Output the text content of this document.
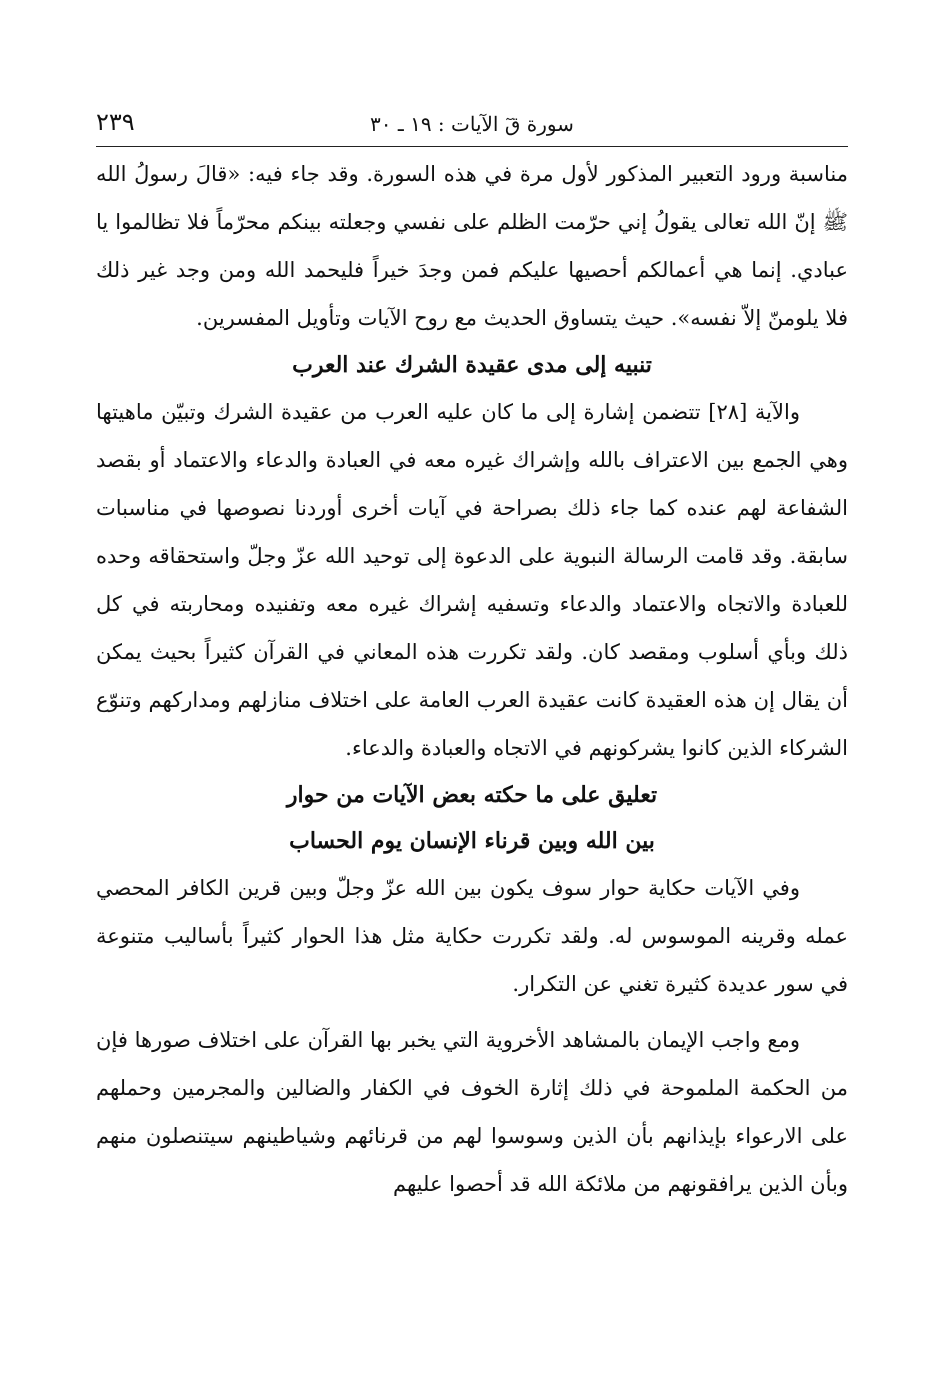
سورة قٓ الآيات : ١٩ ـ ٣٠
٢٣٩

مناسبة ورود التعبير المذكور لأول مرة في هذه السورة. وقد جاء فيه: «قالَ رسولُ الله ﷺ إنّ الله تعالى يقولُ إني حرّمت الظلم على نفسي وجعلته بينكم محرّماً فلا تظالموا يا عبادي. إنما هي أعمالكم أحصيها عليكم فمن وجدَ خيراً فليحمد الله ومن وجد غير ذلك فلا يلومنّ إلاّ نفسه». حيث يتساوق الحديث مع روح الآيات وتأويل المفسرين.

تنبيه إلى مدى عقيدة الشرك عند العرب

والآية [٢٨] تتضمن إشارة إلى ما كان عليه العرب من عقيدة الشرك وتبيّن ماهيتها وهي الجمع بين الاعتراف بالله وإشراك غيره معه في العبادة والدعاء والاعتماد أو بقصد الشفاعة لهم عنده كما جاء ذلك بصراحة في آيات أخرى أوردنا نصوصها في مناسبات سابقة. وقد قامت الرسالة النبوية على الدعوة إلى توحيد الله عزّ وجلّ واستحقاقه وحده للعبادة والاتجاه والاعتماد والدعاء وتسفيه إشراك غيره معه وتفنيده ومحاربته في كل ذلك وبأي أسلوب ومقصد كان. ولقد تكررت هذه المعاني في القرآن كثيراً بحيث يمكن أن يقال إن هذه العقيدة كانت عقيدة العرب العامة على اختلاف منازلهم ومداركهم وتنوّع الشركاء الذين كانوا يشركونهم في الاتجاه والعبادة والدعاء.

تعليق على ما حكته بعض الآيات من حوار
بين الله وبين قرناء الإنسان يوم الحساب

وفي الآيات حكاية حوار سوف يكون بين الله عزّ وجلّ وبين قرين الكافر المحصي عمله وقرينه الموسوس له. ولقد تكررت حكاية مثل هذا الحوار كثيراً بأساليب متنوعة في سور عديدة كثيرة تغني عن التكرار.

ومع واجب الإيمان بالمشاهد الأخروية التي يخبر بها القرآن على اختلاف صورها فإن من الحكمة الملموحة في ذلك إثارة الخوف في الكفار والضالين والمجرمين وحملهم على الارعواء بإيذانهم بأن الذين وسوسوا لهم من قرنائهم وشياطينهم سيتنصلون منهم وبأن الذين يرافقونهم من ملائكة الله قد أحصوا عليهم
